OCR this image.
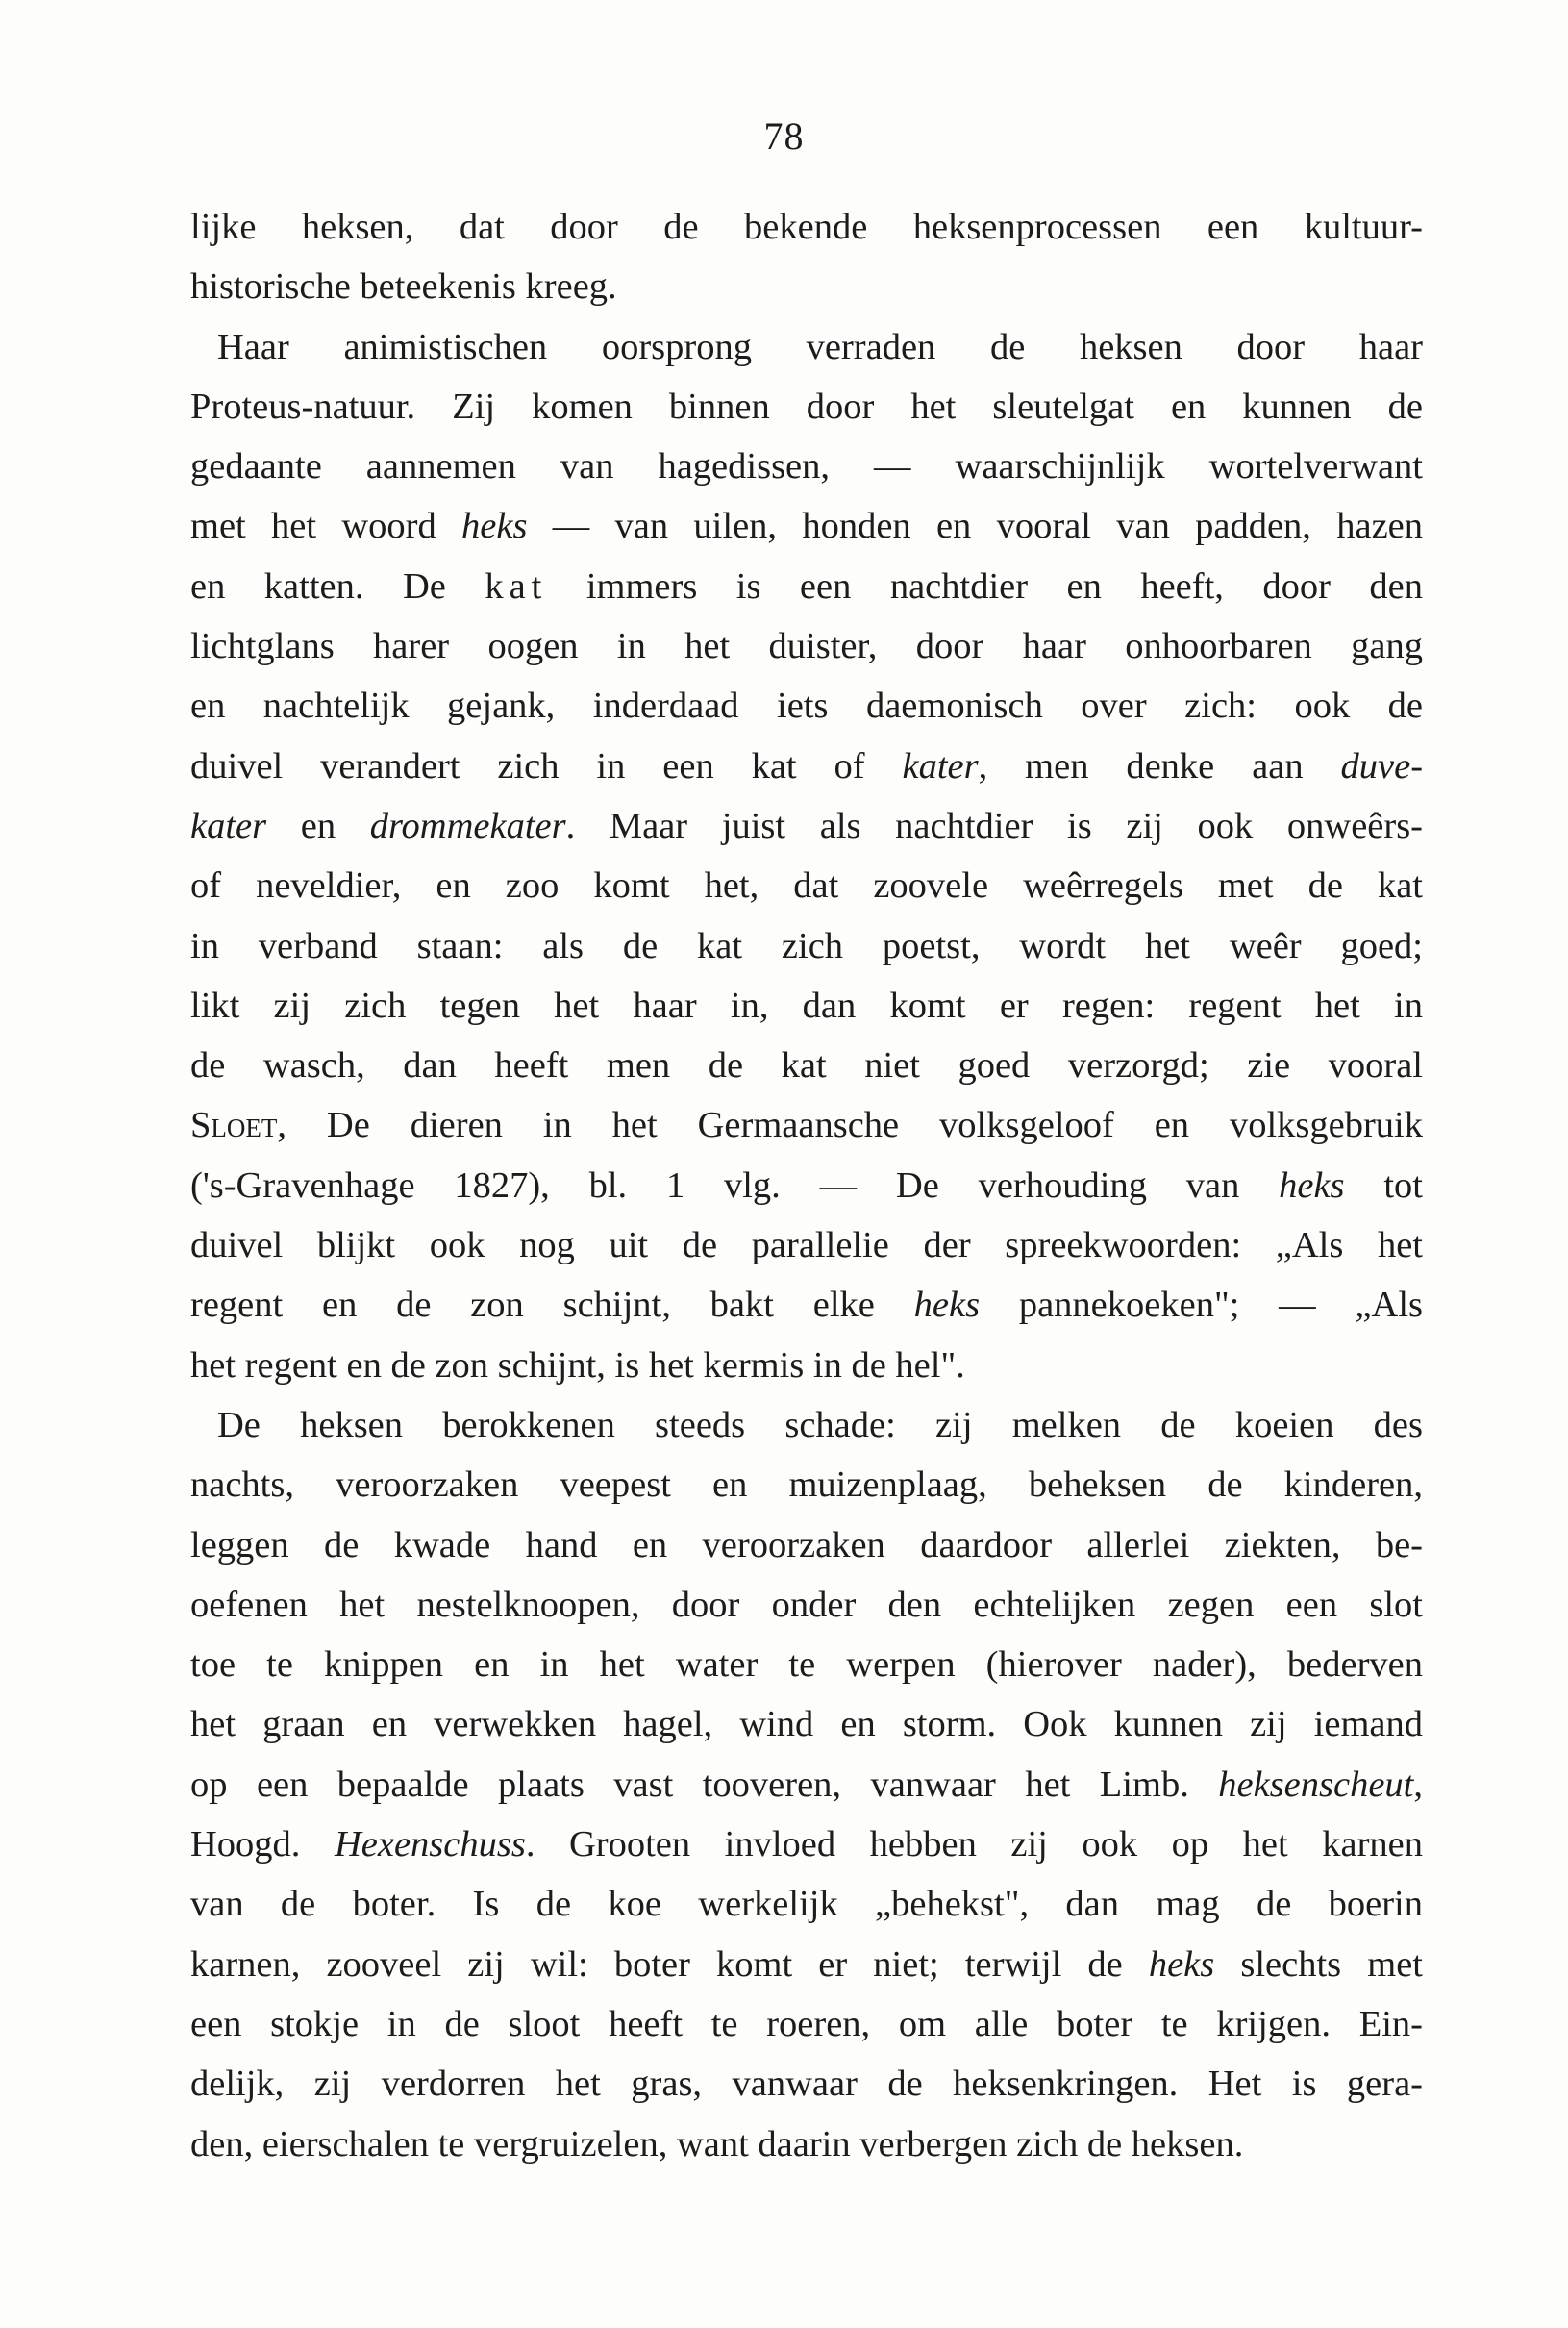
78
lijke heksen, dat door de bekende heksenprocessen een kultuur-
historische beteekenis kreeg.
Haar animistischen oorsprong verraden de heksen door haar
Proteus-natuur. Zij komen binnen door het sleutelgat en kunnen de
gedaante aannemen van hagedissen, — waarschijnlijk wortelverwant
met het woord heks — van uilen, honden en vooral van padden, hazen
en katten. De kat immers is een nachtdier en heeft, door den
lichtglans harer oogen in het duister, door haar onhoorbaren gang
en nachtelijk gejank, inderdaad iets daemonisch over zich: ook de
duivel verandert zich in een kat of kater, men denke aan duve-
kater en drommekater. Maar juist als nachtdier is zij ook onweêrs-
of neveldier, en zoo komt het, dat zoovele weêrregels met de kat
in verband staan: als de kat zich poetst, wordt het weêr goed;
likt zij zich tegen het haar in, dan komt er regen: regent het in
de wasch, dan heeft men de kat niet goed verzorgd; zie vooral
Sloet, De dieren in het Germaansche volksgeloof en volksgebruik
('s-Gravenhage 1827), bl. 1 vlg. — De verhouding van heks tot
duivel blijkt ook nog uit de parallelie der spreekwoorden: „Als het
regent en de zon schijnt, bakt elke heks pannekoeken"; — „Als
het regent en de zon schijnt, is het kermis in de hel".
De heksen berokkenen steeds schade: zij melken de koeien des
nachts, veroorzaken veepest en muizenplaag, beheksen de kinderen,
leggen de kwade hand en veroorzaken daardoor allerlei ziekten, be-
oefenen het nestelknoopen, door onder den echtelijken zegen een slot
toe te knippen en in het water te werpen (hierover nader), bederven
het graan en verwekken hagel, wind en storm. Ook kunnen zij iemand
op een bepaalde plaats vast tooveren, vanwaar het Limb. heksenscheut,
Hoogd. Hexenschuss. Grooten invloed hebben zij ook op het karnen
van de boter. Is de koe werkelijk „behekst", dan mag de boerin
karnen, zooveel zij wil: boter komt er niet; terwijl de heks slechts met
een stokje in de sloot heeft te roeren, om alle boter te krijgen. Ein-
delijk, zij verdorren het gras, vanwaar de heksenkringen. Het is gera-
den, eierschalen te vergruizelen, want daarin verbergen zich de heksen.
